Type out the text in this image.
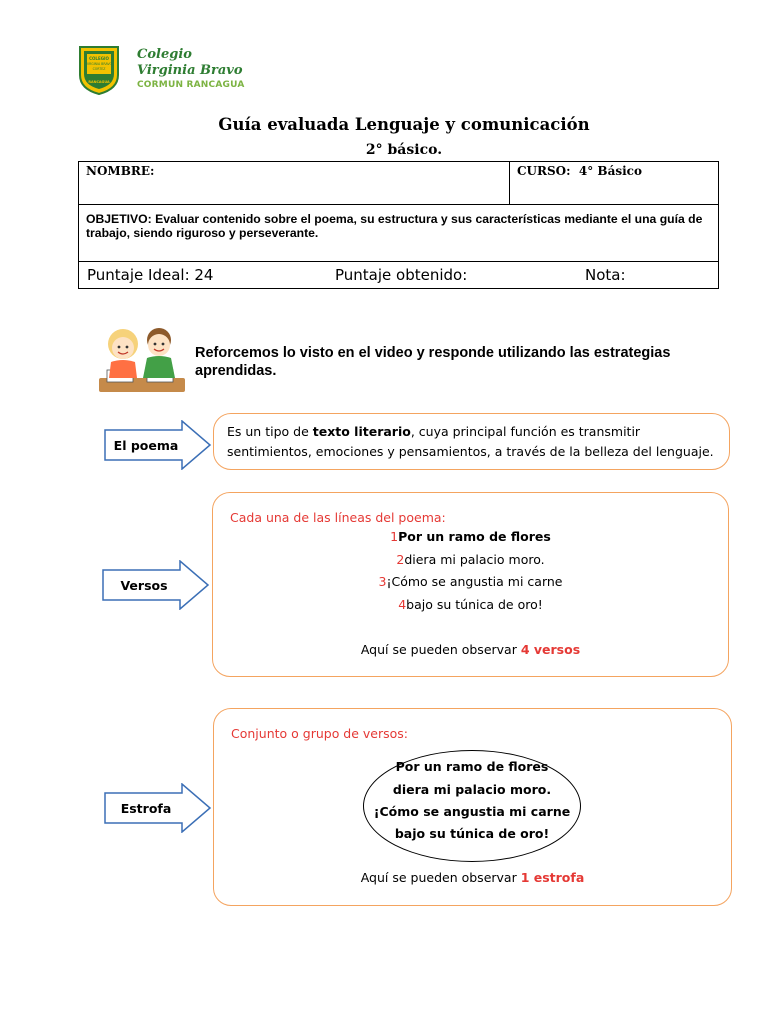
COLEGIO
VIRGINIA BRAVO
CORTEZ
RANCAGUA
Colegio
Virginia Bravo
CORMUN RANCAGUA
Guía evaluada Lenguaje y comunicación
2° básico.
NOMBRE:	CURSO: 4° Básico
OBJETIVO: Evaluar contenido sobre el poema, su estructura y sus características mediante el una guía de trabajo, siendo riguroso y perseverante.

Puntaje Ideal: 24	Puntaje obtenido:	Nota:
Reforcemos lo visto en el video y responde utilizando las estrategias aprendidas.
El poema
Es un tipo de texto literario, cuya principal función es transmitir sentimientos, emociones y pensamientos, a través de la belleza del lenguaje.
Versos
Cada una de las líneas del poema:
1Por un ramo de flores
2diera mi palacio moro.
3¡Cómo se angustia mi carne
4bajo su túnica de oro!
Aquí se pueden observar 4 versos
Estrofa
Conjunto o grupo de versos:
Aquí se pueden observar 1 estrofa
Por un ramo de flores
diera mi palacio moro.
¡Cómo se angustia mi carne
bajo su túnica de oro!
